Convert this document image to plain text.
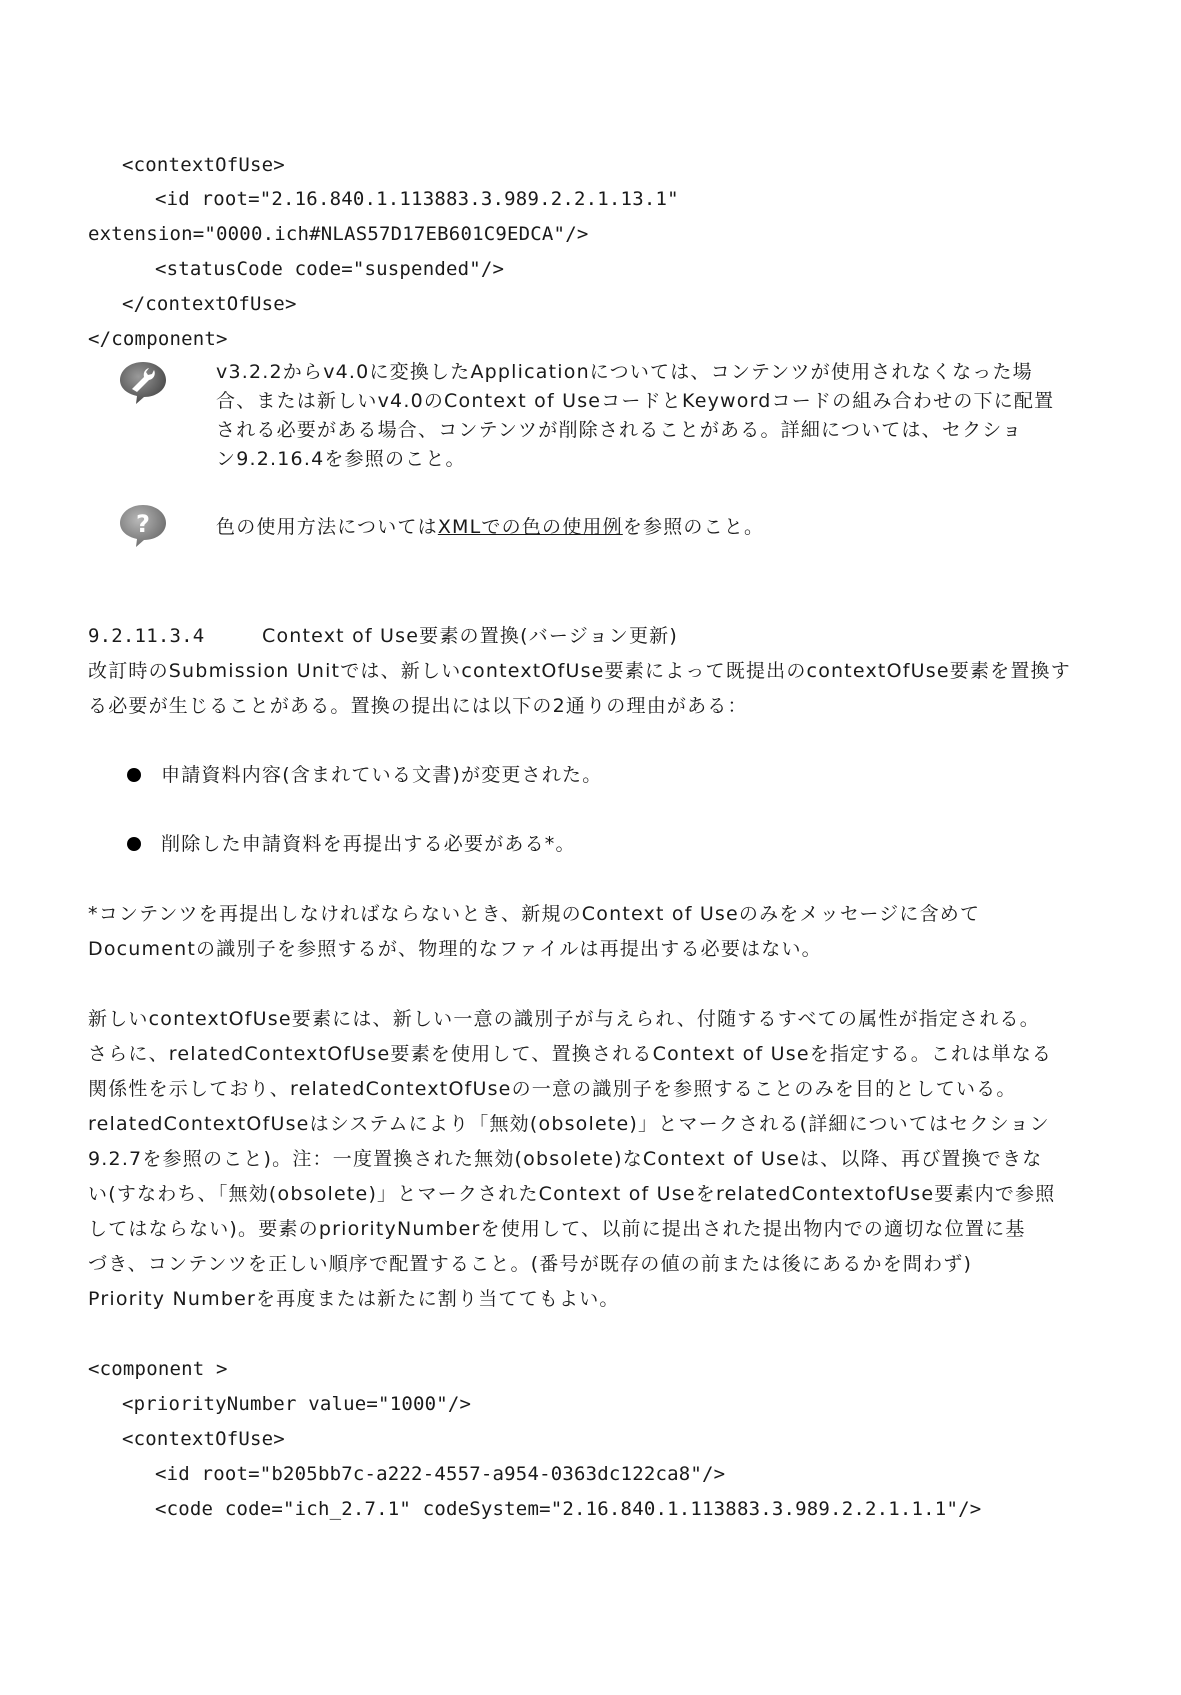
<contextOfUse>
<id root="2.16.840.1.113883.3.989.2.2.1.13.1"
extension="0000.ich#NLAS57D17EB601C9EDCA"/>
<statusCode code="suspended"/>
</contextOfUse>
</component>
v3.2.2からv4.0に変換したApplicationについては、コンテンツが使用されなくなった場
合、または新しいv4.0のContext of UseコードとKeywordコードの組み合わせの下に配置
される必要がある場合、コンテンツが削除されることがある。詳細については、セクショ
ン9.2.16.4を参照のこと。
?	色の使用方法についてはXMLでの色の使用例を参照のこと。
9.2.11.3.4	Context of Use要素の置換(バージョン更新)
改訂時のSubmission Unitでは、新しいcontextOfUse要素によって既提出のcontextOfUse要素を置換す
る必要が生じることがある。置換の提出には以下の2通りの理由がある：
申請資料内容(含まれている文書)が変更された。
削除した申請資料を再提出する必要がある*。
*コンテンツを再提出しなければならないとき、新規のContext of Useのみをメッセージに含めて
Documentの識別子を参照するが、物理的なファイルは再提出する必要はない。
新しいcontextOfUse要素には、新しい一意の識別子が与えられ、付随するすべての属性が指定される。
さらに、relatedContextOfUse要素を使用して、置換されるContext of Useを指定する。これは単なる
関係性を示しており、relatedContextOfUseの一意の識別子を参照することのみを目的としている。
relatedContextOfUseはシステムにより「無効(obsolete)」とマークされる(詳細についてはセクション
9.2.7を参照のこと)。注：一度置換された無効(obsolete)なContext of Useは、以降、再び置換できな
い(すなわち、「無効(obsolete)」とマークされたContext of UseをrelatedContextofUse要素内で参照
してはならない)。要素のpriorityNumberを使用して、以前に提出された提出物内での適切な位置に基
づき、コンテンツを正しい順序で配置すること。(番号が既存の値の前または後にあるかを問わず)
Priority Numberを再度または新たに割り当ててもよい。
<component >
<priorityNumber value="1000"/>
<contextOfUse>
<id root="b205bb7c-a222-4557-a954-0363dc122ca8"/>
<code code="ich_2.7.1" codeSystem="2.16.840.1.113883.3.989.2.2.1.1.1"/>
